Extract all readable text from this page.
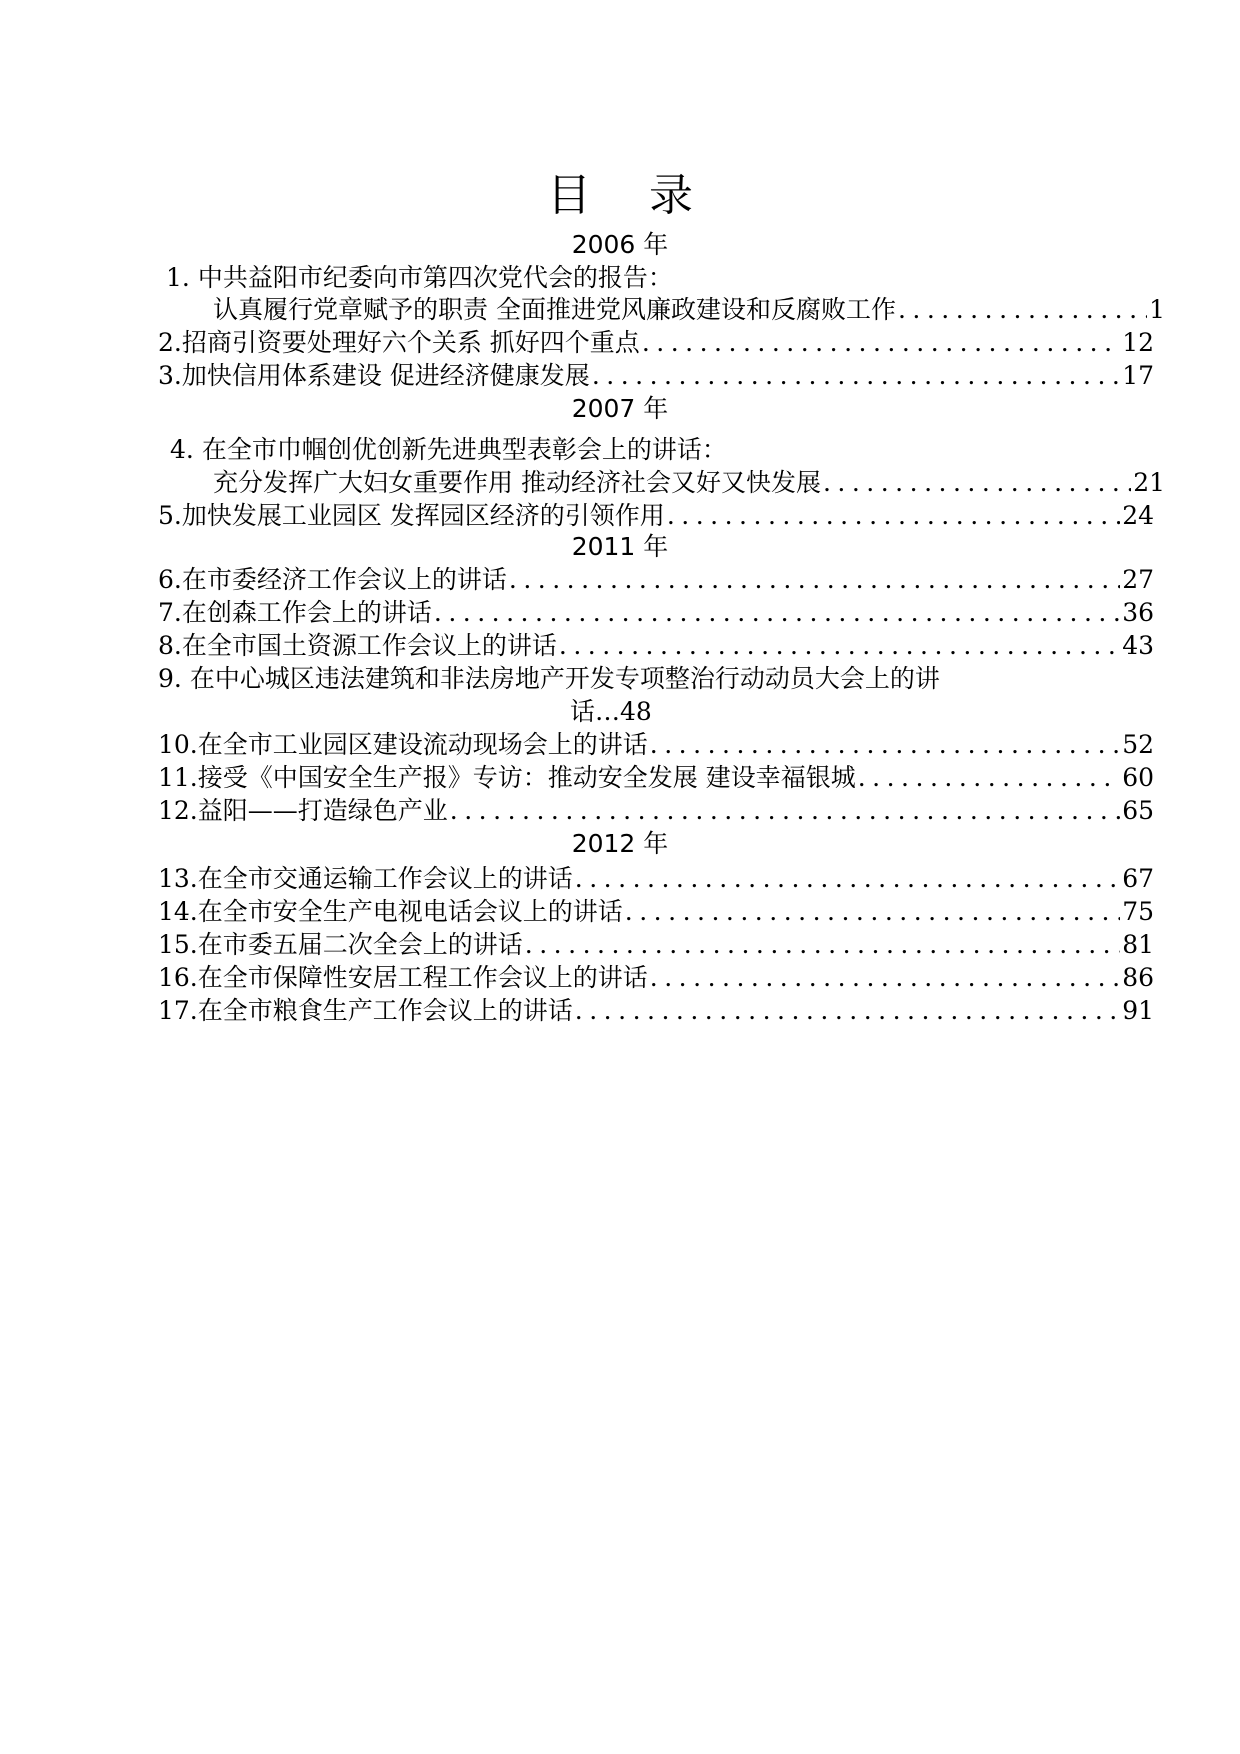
目 录
2006 年
1. 中共益阳市纪委向市第四次党代会的报告：
认真履行党章赋予的职责 全面推进党风廉政建设和反腐败工作 .....	1
2. 招商引资要处理好六个关系 抓好四个重点 .....	12
3. 加快信用体系建设 促进经济健康发展 .....	17
2007 年
4. 在全市巾帼创优创新先进典型表彰会上的讲话：
充分发挥广大妇女重要作用 推动经济社会又好又快发展 .....	21
5. 加快发展工业园区 发挥园区经济的引领作用 .....	24
2011 年
6. 在市委经济工作会议上的讲话 .....	27
7. 在创森工作会上的讲话 .....	36
8. 在全市国土资源工作会议上的讲话 .....	43
9. 在中心城区违法建筑和非法房地产开发专项整治行动动员大会上的讲
话…48
10. 在全市工业园区建设流动现场会上的讲话 .....	52
11. 接受《中国安全生产报》专访：推动安全发展 建设幸福银城 .....	60
12. 益阳——打造绿色产业 .....	65
2012 年
13. 在全市交通运输工作会议上的讲话 .....	67
14. 在全市安全生产电视电话会议上的讲话 .....	75
15. 在市委五届二次全会上的讲话 .....	81
16. 在全市保障性安居工程工作会议上的讲话 .....	86
17. 在全市粮食生产工作会议上的讲话 .....	91
